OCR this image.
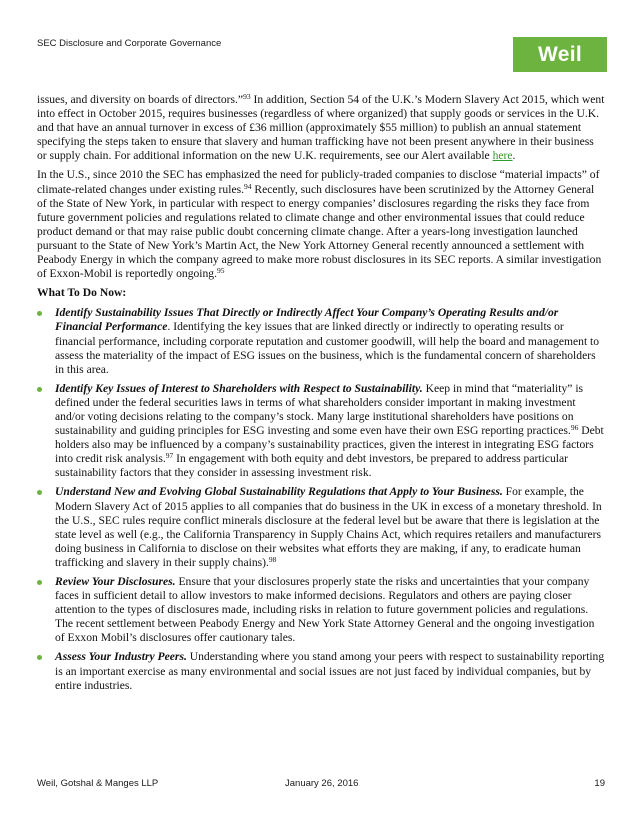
SEC Disclosure and Corporate Governance	Weil

issues, and diversity on boards of directors.”$^{93}$ In addition, Section 54 of the U.K.’s Modern Slavery Act 2015, which went into effect in October 2015, requires businesses (regardless of where organized) that supply goods or services in the U.K. and that have an annual turnover in excess of £36 million (approximately $55 million) to publish an annual statement specifying the steps taken to ensure that slavery and human trafficking have not been present anywhere in their business or supply chain. For additional information on the new U.K. requirements, see our Alert available here.

In the U.S., since 2010 the SEC has emphasized the need for publicly-traded companies to disclose “material impacts” of climate-related changes under existing rules.$^{94}$ Recently, such disclosures have been scrutinized by the Attorney General of the State of New York, in particular with respect to energy companies’ disclosures regarding the risks they face from future government policies and regulations related to climate change and other environmental issues that could reduce product demand or that may raise public doubt concerning climate change. After a years-long investigation launched pursuant to the State of New York’s Martin Act, the New York Attorney General recently announced a settlement with Peabody Energy in which the company agreed to make more robust disclosures in its SEC reports. A similar investigation of Exxon-Mobil is reportedly ongoing.$^{95}$

What To Do Now:
Identify Sustainability Issues That Directly or Indirectly Affect Your Company’s Operating Results and/or Financial Performance. Identifying the key issues that are linked directly or indirectly to operating results or financial performance, including corporate reputation and customer goodwill, will help the board and management to assess the materiality of the impact of ESG issues on the business, which is the fundamental concern of shareholders in this area.
Identify Key Issues of Interest to Shareholders with Respect to Sustainability. Keep in mind that “materiality” is defined under the federal securities laws in terms of what shareholders consider important in making investment and/or voting decisions relating to the company’s stock. Many large institutional shareholders have positions on sustainability and guiding principles for ESG investing and some even have their own ESG reporting practices.$^{96}$ Debt holders also may be influenced by a company’s sustainability practices, given the interest in integrating ESG factors into credit risk analysis.$^{97}$ In engagement with both equity and debt investors, be prepared to address particular sustainability factors that they consider in assessing investment risk.
Understand New and Evolving Global Sustainability Regulations that Apply to Your Business. For example, the Modern Slavery Act of 2015 applies to all companies that do business in the UK in excess of a monetary threshold. In the U.S., SEC rules require conflict minerals disclosure at the federal level but be aware that there is legislation at the state level as well (e.g., the California Transparency in Supply Chains Act, which requires retailers and manufacturers doing business in California to disclose on their websites what efforts they are making, if any, to eradicate human trafficking and slavery in their supply chains).$^{98}$
Review Your Disclosures. Ensure that your disclosures properly state the risks and uncertainties that your company faces in sufficient detail to allow investors to make informed decisions. Regulators and others are paying closer attention to the types of disclosures made, including risks in relation to future government policies and regulations. The recent settlement between Peabody Energy and New York State Attorney General and the ongoing investigation of Exxon Mobil’s disclosures offer cautionary tales.
Assess Your Industry Peers. Understanding where you stand among your peers with respect to sustainability reporting is an important exercise as many environmental and social issues are not just faced by individual companies, but by entire industries.
Weil, Gotshal & Manges LLP	January 26, 2016	19
